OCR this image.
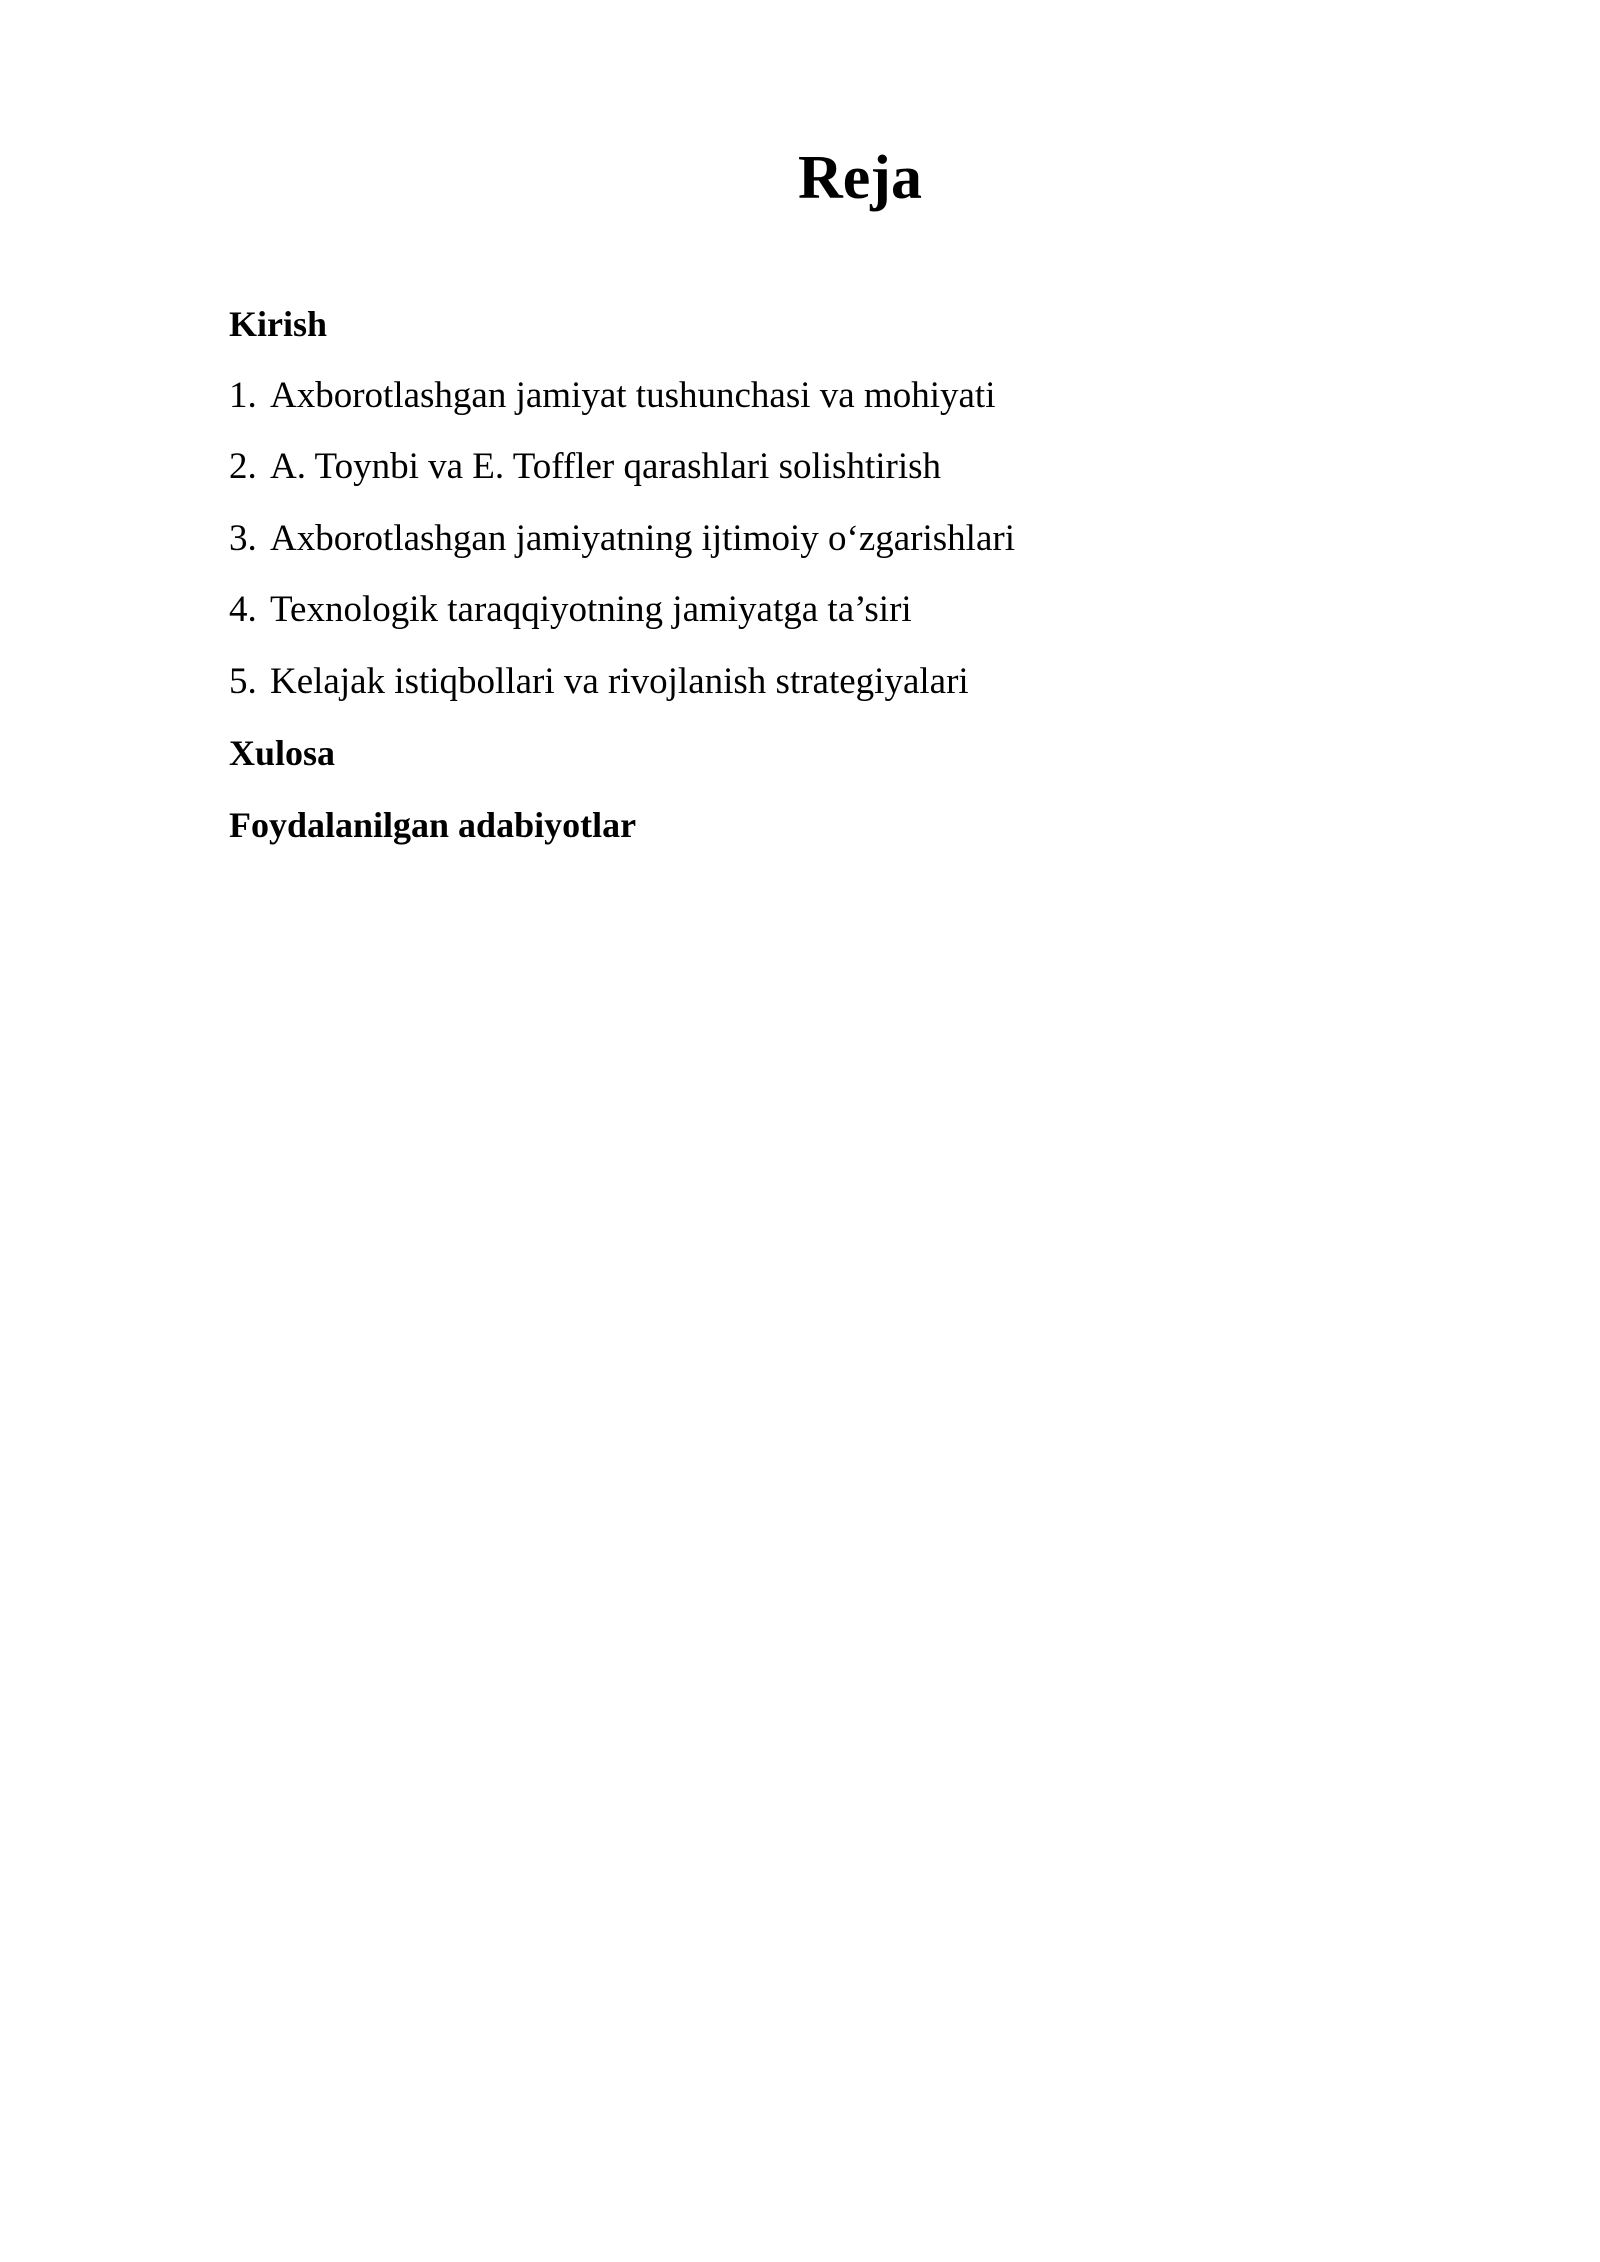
Reja
Kirish
1. Axborotlashgan jamiyat tushunchasi va mohiyati
2. A. Toynbi va E. Toffler qarashlari solishtirish
3. Axborotlashgan jamiyatning ijtimoiy o‘zgarishlari
4. Texnologik taraqqiyotning jamiyatga ta’siri
5. Kelajak istiqbollari va rivojlanish strategiyalari
Xulosa
Foydalanilgan adabiyotlar
